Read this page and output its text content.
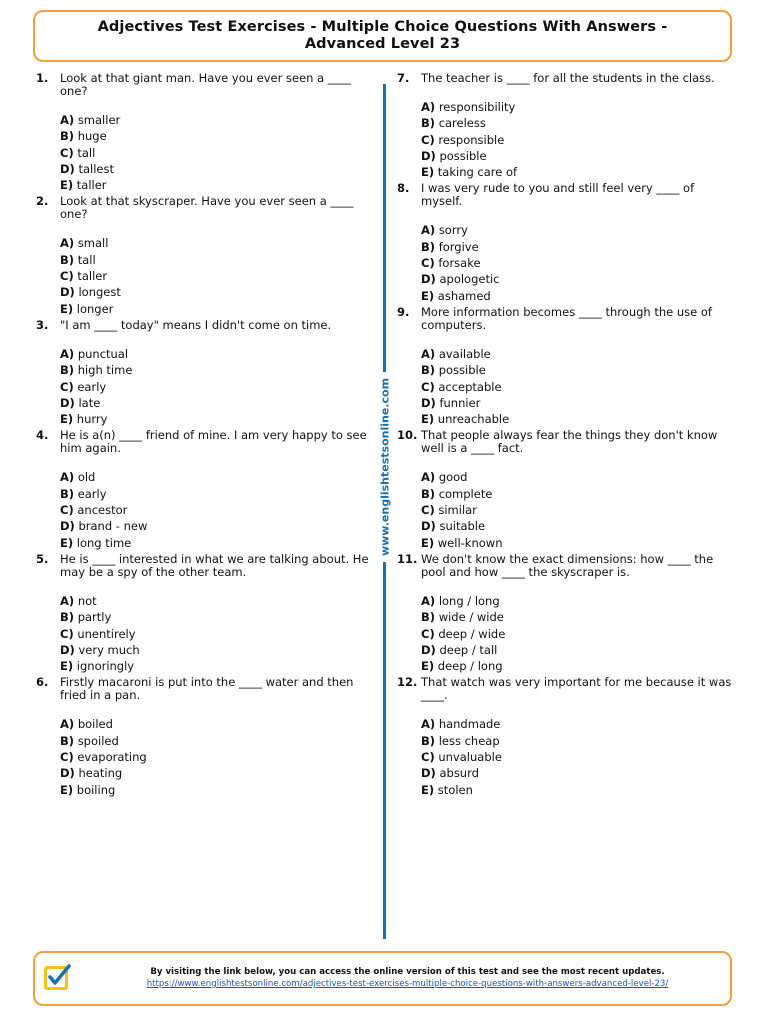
Adjectives Test Exercises - Multiple Choice Questions With Answers -
Advanced Level 23
1. Look at that giant man. Have you ever seen a ____ one?
A) smaller
B) huge
C) tall
D) tallest
E) taller
2. Look at that skyscraper. Have you ever seen a ____ one?
A) small
B) tall
C) taller
D) longest
E) longer
3. "I am ____ today" means I didn't come on time.
A) punctual
B) high time
C) early
D) late
E) hurry
4. He is a(n) ____ friend of mine. I am very happy to see him again.
A) old
B) early
C) ancestor
D) brand - new
E) long time
5. He is ____ interested in what we are talking about. He may be a spy of the other team.
A) not
B) partly
C) unentirely
D) very much
E) ignoringly
6. Firstly macaroni is put into the ____ water and then fried in a pan.
A) boiled
B) spoiled
C) evaporating
D) heating
E) boiling
www.englishtestsonline.com
7. The teacher is ____ for all the students in the class.
A) responsibility
B) careless
C) responsible
D) possible
E) taking care of
8. I was very rude to you and still feel very ____ of myself.
A) sorry
B) forgive
C) forsake
D) apologetic
E) ashamed
9. More information becomes ____ through the use of computers.
A) available
B) possible
C) acceptable
D) funnier
E) unreachable
10. That people always fear the things they don't know well is a ____ fact.
A) good
B) complete
C) similar
D) suitable
E) well-known
11. We don't know the exact dimensions: how ____ the pool and how ____ the skyscraper is.
A) long / long
B) wide / wide
C) deep / wide
D) deep / tall
E) deep / long
12. That watch was very important for me because it was ____.
A) handmade
B) less cheap
C) unvaluable
D) absurd
E) stolen
By visiting the link below, you can access the online version of this test and see the most recent updates.
https://www.englishtestsonline.com/adjectives-test-exercises-multiple-choice-questions-with-answers-advanced-level-23/
